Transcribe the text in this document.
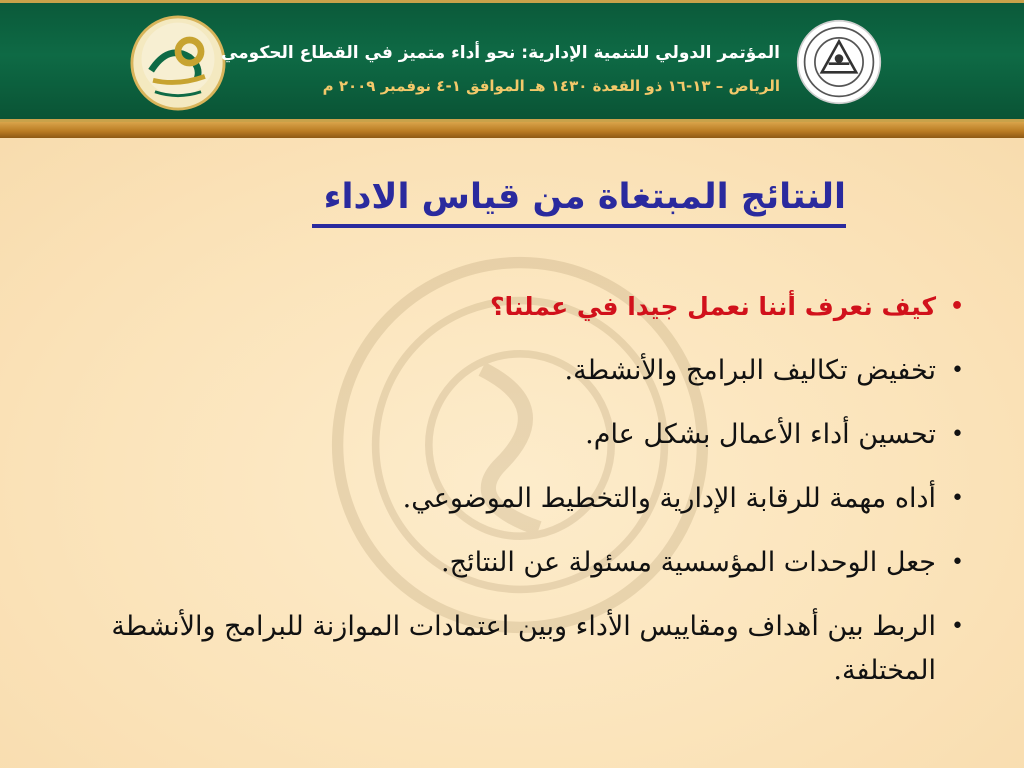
المؤتمر الدولي للتنمية الإدارية: نحو أداء متميز في القطاع الحكومي
الرياض – ١٣-١٦ ذو القعدة ١٤٣٠ هـ الموافق ١-٤ نوفمبر ٢٠٠٩ م
النتائج المبتغاة من قياس الاداء
•
كيف نعرف أننا نعمل جيدا في عملنا؟
•
تخفيض تكاليف البرامج والأنشطة.
•
تحسين أداء الأعمال بشكل عام.
•
أداه مهمة للرقابة الإدارية والتخطيط الموضوعي.
•
جعل الوحدات المؤسسية مسئولة عن النتائج.
•
الربط بين أهداف ومقاييس الأداء وبين اعتمادات الموازنة للبرامج والأنشطة المختلفة.
